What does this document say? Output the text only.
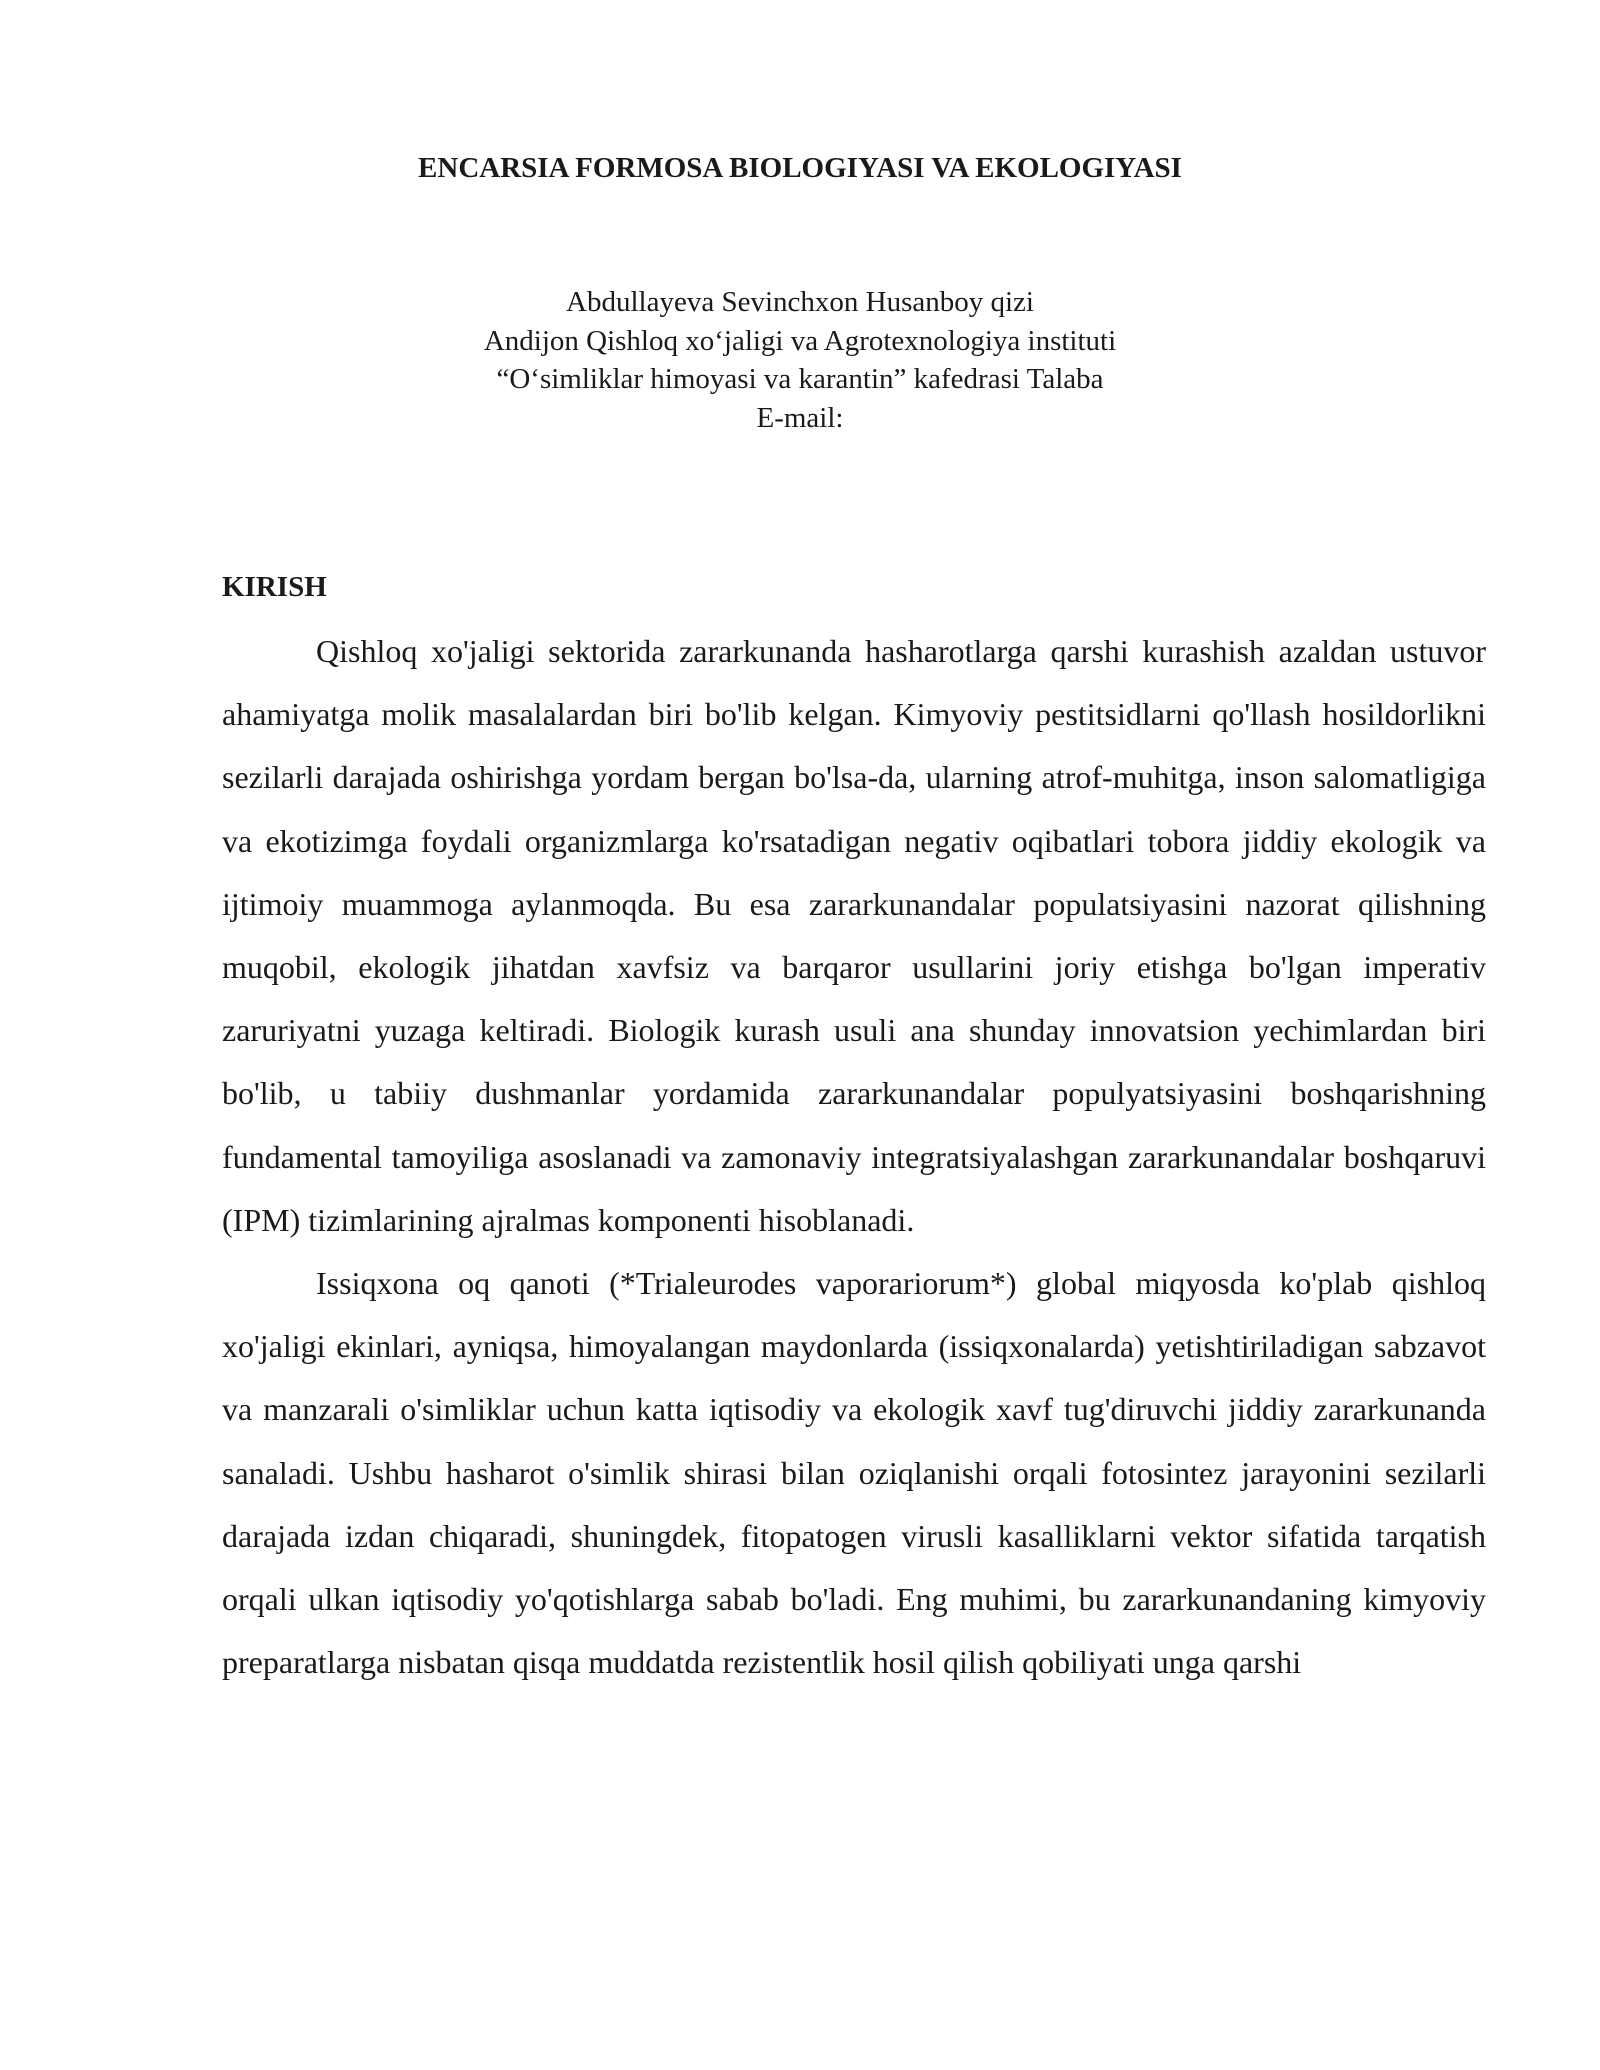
ENCARSIA FORMOSA BIOLOGIYASI VA EKOLOGIYASI
Abdullayeva Sevinchxon Husanboy qizi
Andijon Qishloq xo‘jaligi va Agrotexnologiya instituti
“O‘simliklar himoyasi va karantin” kafedrasi Talaba
E-mail:
KIRISH

Qishloq xo'jaligi sektorida zararkunanda hasharotlarga qarshi kurashish azaldan ustuvor ahamiyatga molik masalalardan biri bo'lib kelgan. Kimyoviy pestitsidlarni qo'llash hosildorlikni sezilarli darajada oshirishga yordam bergan bo'lsa-da, ularning atrof-muhitga, inson salomatligiga va ekotizimga foydali organizmlarga ko'rsatadigan negativ oqibatlari tobora jiddiy ekologik va ijtimoiy muammoga aylanmoqda. Bu esa zararkunandalar populatsiyasini nazorat qilishning muqobil, ekologik jihatdan xavfsiz va barqaror usullarini joriy etishga bo'lgan imperativ zaruriyatni yuzaga keltiradi. Biologik kurash usuli ana shunday innovatsion yechimlardan biri bo'lib, u tabiiy dushmanlar yordamida zararkunandalar populyatsiyasini boshqarishning fundamental tamoyiliga asoslanadi va zamonaviy integratsiyalashgan zararkunandalar boshqaruvi (IPM) tizimlarining ajralmas komponenti hisoblanadi.

Issiqxona oq qanoti (*Trialeurodes vaporariorum*) global miqyosda ko'plab qishloq xo'jaligi ekinlari, ayniqsa, himoyalangan maydonlarda (issiqxonalarda) yetishtiriladigan sabzavot va manzarali o'simliklar uchun katta iqtisodiy va ekologik xavf tug'diruvchi jiddiy zararkunanda sanaladi. Ushbu hasharot o'simlik shirasi bilan oziqlanishi orqali fotosintez jarayonini sezilarli darajada izdan chiqaradi, shuningdek, fitopatogen virusli kasalliklarni vektor sifatida tarqatish orqali ulkan iqtisodiy yo'qotishlarga sabab bo'ladi. Eng muhimi, bu zararkunandaning kimyoviy preparatlarga nisbatan qisqa muddatda rezistentlik hosil qilish qobiliyati unga qarshi
